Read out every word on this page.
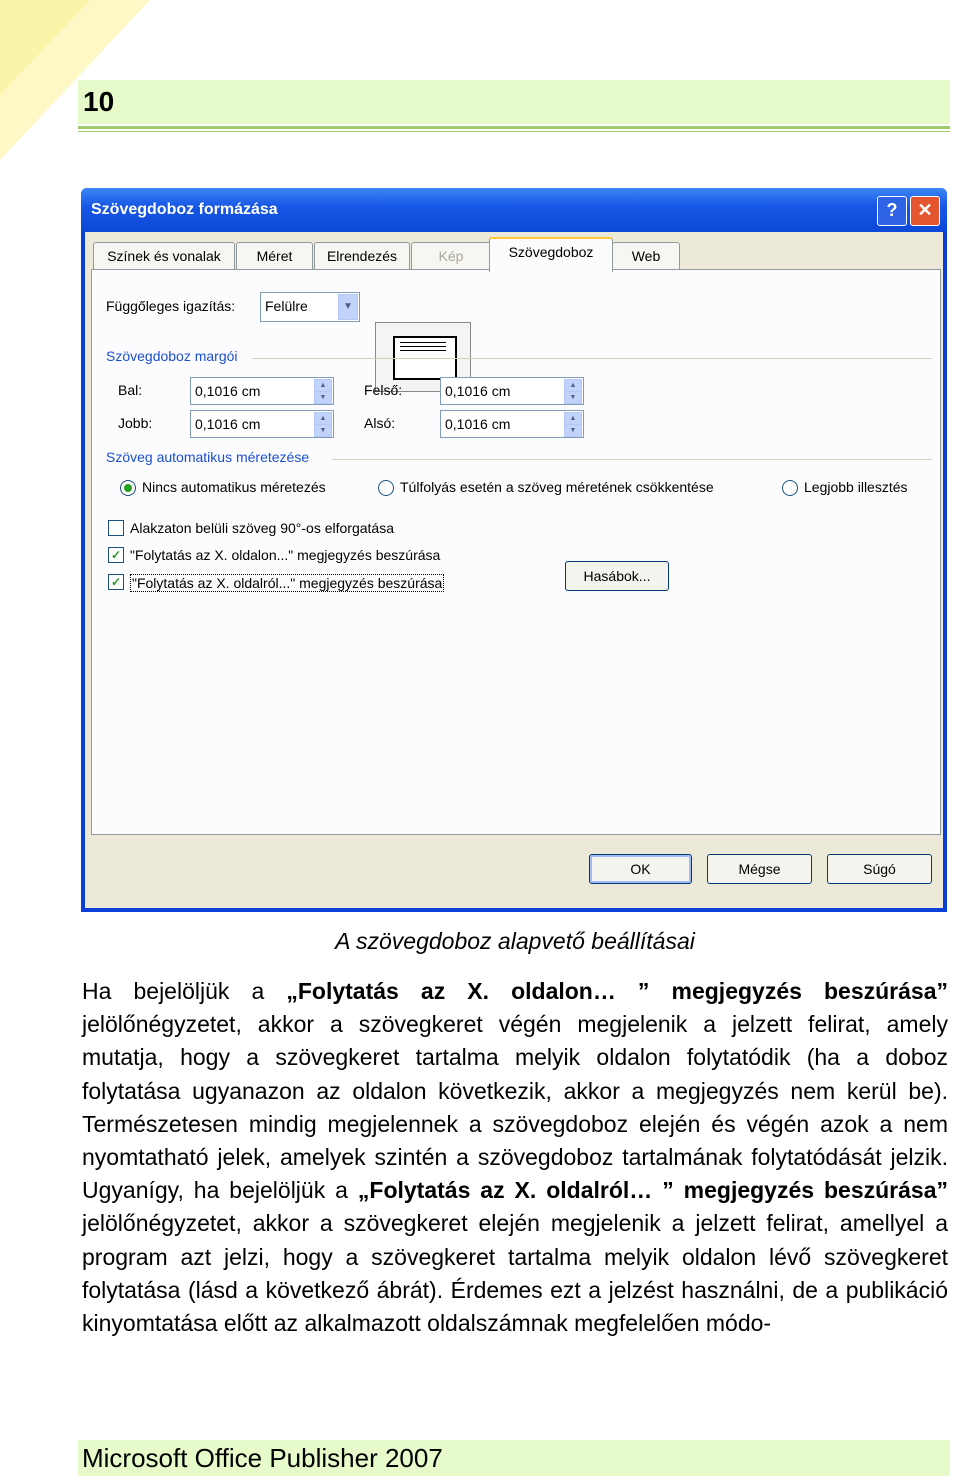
10
Szövegdoboz formázása	?	✕
Színek és vonalak	Méret	Elrendezés	Kép	Szövegdoboz	Web
Függőleges igazítás: Felülre	▼
Szövegdoboz margói
Bal:	0,1016 cm	▲
▼
Jobb:	0,1016 cm	▲
▼
Felső:	0,1016 cm	▲
▼
Alsó:	0,1016 cm	▲
▼
Szöveg automatikus méretezése
Nincs automatikus méretezés	Túlfolyás esetén a szöveg méretének csökkentése	Legjobb illesztés
Alakzaton belüli szöveg 90°-os elforgatása
✓ "Folytatás az X. oldalon..." megjegyzés beszúrása
✓ "Folytatás az X. oldalról..." megjegyzés beszúrása	Hasábok...
OK	Mégse	Súgó
A szövegdoboz alapvető beállításai

Ha bejelöljük a „Folytatás az X. oldalon… ” megjegyzés beszúrása” jelölőnégyzetet, akkor a szövegkeret végén megjelenik a jelzett felirat, amely mutatja, hogy a szövegkeret tartalma melyik oldalon folytatódik (ha a doboz folytatása ugyanazon az oldalon következik, akkor a megjegyzés nem kerül be). Természetesen mindig megjelennek a szövegdoboz elején és végén azok a nem nyomtatható jelek, amelyek szintén a szövegdoboz tartalmának folytatódását jelzik. Ugyanígy, ha bejelöljük a „Folytatás az X. oldalról… ” megjegyzés beszúrása” jelölőnégyzetet, akkor a szövegkeret elején megjelenik a jelzett felirat, amellyel a program azt jelzi, hogy a szövegkeret tartalma melyik oldalon lévő szövegkeret folytatása (lásd a következő ábrát). Érdemes ezt a jelzést használni, de a publikáció kinyomtatása előtt az alkalmazott oldalszámnak megfelelően módo-

Microsoft Office Publisher 2007
